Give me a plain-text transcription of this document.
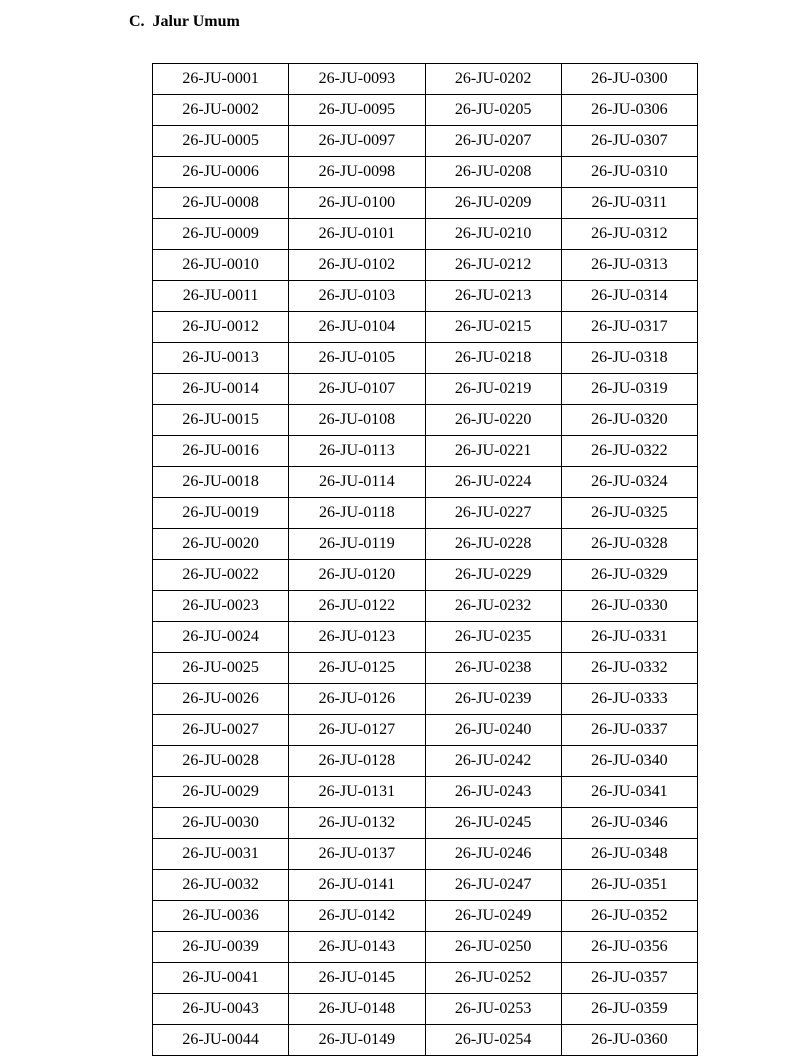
C.  Jalur Umum
26-JU-0001	26-JU-0093	26-JU-0202	26-JU-0300
26-JU-0002	26-JU-0095	26-JU-0205	26-JU-0306
26-JU-0005	26-JU-0097	26-JU-0207	26-JU-0307
26-JU-0006	26-JU-0098	26-JU-0208	26-JU-0310
26-JU-0008	26-JU-0100	26-JU-0209	26-JU-0311
26-JU-0009	26-JU-0101	26-JU-0210	26-JU-0312
26-JU-0010	26-JU-0102	26-JU-0212	26-JU-0313
26-JU-0011	26-JU-0103	26-JU-0213	26-JU-0314
26-JU-0012	26-JU-0104	26-JU-0215	26-JU-0317
26-JU-0013	26-JU-0105	26-JU-0218	26-JU-0318
26-JU-0014	26-JU-0107	26-JU-0219	26-JU-0319
26-JU-0015	26-JU-0108	26-JU-0220	26-JU-0320
26-JU-0016	26-JU-0113	26-JU-0221	26-JU-0322
26-JU-0018	26-JU-0114	26-JU-0224	26-JU-0324
26-JU-0019	26-JU-0118	26-JU-0227	26-JU-0325
26-JU-0020	26-JU-0119	26-JU-0228	26-JU-0328
26-JU-0022	26-JU-0120	26-JU-0229	26-JU-0329
26-JU-0023	26-JU-0122	26-JU-0232	26-JU-0330
26-JU-0024	26-JU-0123	26-JU-0235	26-JU-0331
26-JU-0025	26-JU-0125	26-JU-0238	26-JU-0332
26-JU-0026	26-JU-0126	26-JU-0239	26-JU-0333
26-JU-0027	26-JU-0127	26-JU-0240	26-JU-0337
26-JU-0028	26-JU-0128	26-JU-0242	26-JU-0340
26-JU-0029	26-JU-0131	26-JU-0243	26-JU-0341
26-JU-0030	26-JU-0132	26-JU-0245	26-JU-0346
26-JU-0031	26-JU-0137	26-JU-0246	26-JU-0348
26-JU-0032	26-JU-0141	26-JU-0247	26-JU-0351
26-JU-0036	26-JU-0142	26-JU-0249	26-JU-0352
26-JU-0039	26-JU-0143	26-JU-0250	26-JU-0356
26-JU-0041	26-JU-0145	26-JU-0252	26-JU-0357
26-JU-0043	26-JU-0148	26-JU-0253	26-JU-0359
26-JU-0044	26-JU-0149	26-JU-0254	26-JU-0360
